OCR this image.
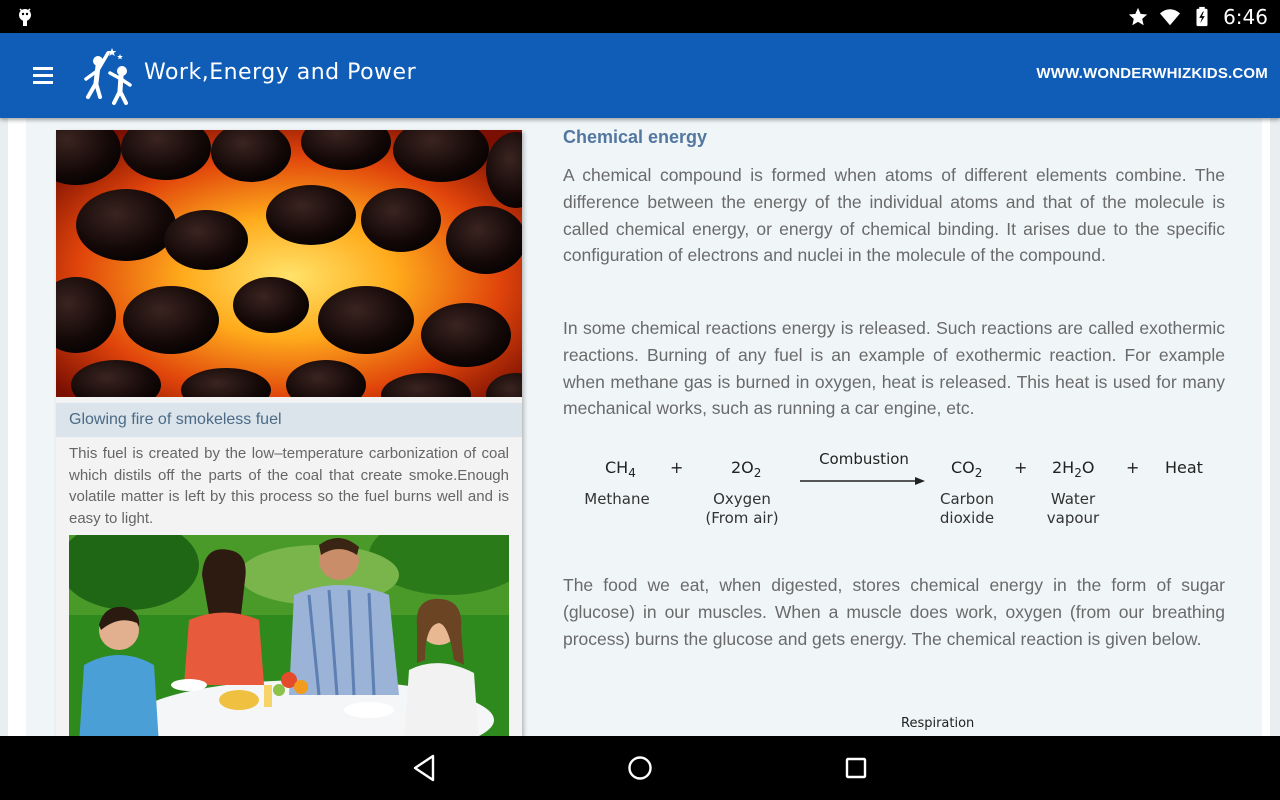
6:46
Work,Energy and Power	WWW.WONDERWHIZKIDS.COM
Glowing fire of smokeless fuel
This fuel is created by the low–temperature carbonization of coal which distils off the parts of the coal that create smoke.Enough volatile matter is left by this process so the fuel burns well and is easy to light.
Chemical energy
A chemical compound is formed when atoms of different elements combine. The difference between the energy of the individual atoms and that of the molecule is called chemical energy, or energy of chemical binding. It arises due to the specific configuration of electrons and nuclei in the molecule of the compound.
In some chemical reactions energy is released. Such reactions are called exothermic reactions. Burning of any fuel is an example of exothermic reaction. For example when methane gas is burned in oxygen, heat is released. This heat is used for many mechanical works, such as running a car engine, etc.
$CH_4$
Methane
+	$2O_2$
Oxygen
(From air)
Combustion	$CO_2$
Carbon
dioxide
+ $2H_2O$
Water
vapour
+ Heat
The food we eat, when digested, stores chemical energy in the form of sugar (glucose) in our muscles. When a muscle does work, oxygen (from our breathing process) burns the glucose and gets energy. The chemical reaction is given below.
Respiration
